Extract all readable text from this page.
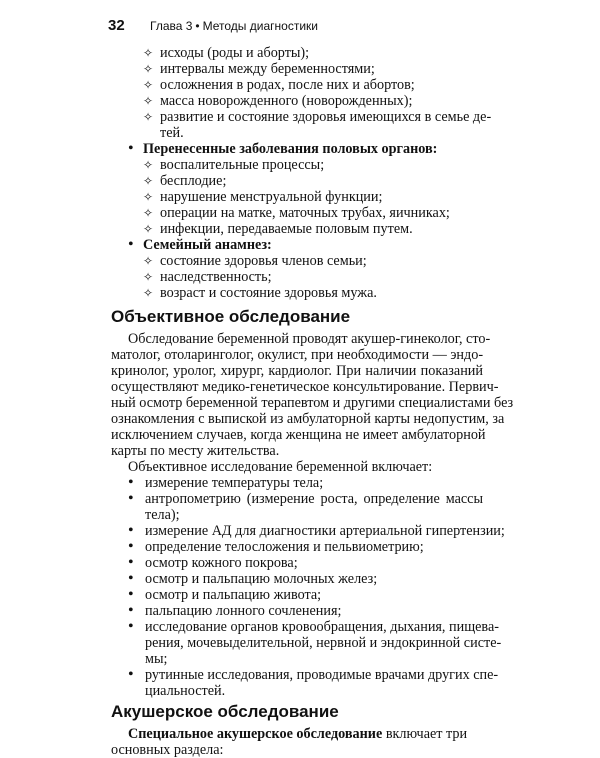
32 Глава 3 • Методы диагностики
✧ исходы (роды и аборты);
✧ интервалы между беременностями;
✧ осложнения в родах, после них и абортов;
✧ масса новорожденного (новорожденных);
✧ развитие и состояние здоровья имеющихся в семье де-
тей.
• Перенесенные заболевания половых органов:
✧ воспалительные процессы;
✧ бесплодие;
✧ нарушение менструальной функции;
✧ операции на матке, маточных трубах, яичниках;
✧ инфекции, передаваемые половым путем.
• Семейный анамнез:
✧ состояние здоровья членов семьи;
✧ наследственность;
✧ возраст и состояние здоровья мужа.
Объективное обследование
Обследование беременной проводят акушер-гинеколог, сто-
матолог, отоларинголог, окулист, при необходимости — эндо-
кринолог, уролог, хирург, кардиолог. При наличии показаний
осуществляют медико-генетическое консультирование. Первич-
ный осмотр беременной терапевтом и другими специалистами без
ознакомления с выпиской из амбулаторной карты недопустим, за
исключением случаев, когда женщина не имеет амбулаторной
карты по месту жительства.
Объективное исследование беременной включает:
• измерение температуры тела;
• антропометрию (измерение роста, определение массы
тела);
• измерение АД для диагностики артериальной гипертензии;
• определение телосложения и пельвиометрию;
• осмотр кожного покрова;
• осмотр и пальпацию молочных желез;
• осмотр и пальпацию живота;
• пальпацию лонного сочленения;
• исследование органов кровообращения, дыхания, пищева-
рения, мочевыделительной, нервной и эндокринной систе-
мы;
• рутинные исследования, проводимые врачами других спе-
циальностей.
Акушерское обследование
Специальное акушерское обследование включает три
основных раздела:
